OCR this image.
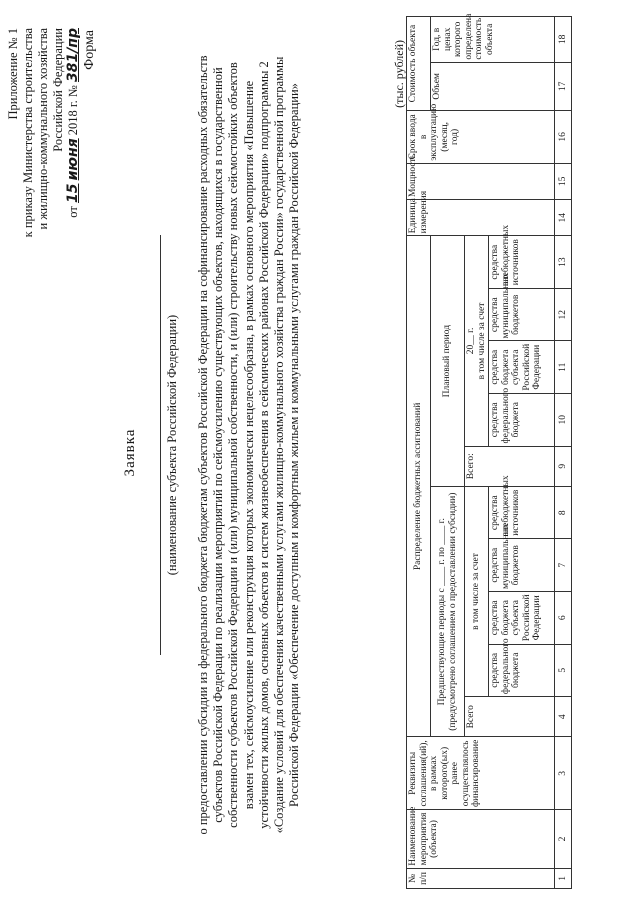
Приложение № 1 к приказу Министерства строительства и жилищно-коммунального хозяйства Российской Федерации
от 15 июня 2018 г. № 381/пр Форма
Заявка (наименование субъекта Российской Федерации) о предоставлении субсидии из федерального бюджета бюджетам субъектов Российской Федерации на софинансирование расходных обязательств субъектов Российской Федерации по реализации мероприятий по сейсмоусилению существующих объектов, находящихся в государственной собственности субъектов Российской Федерации и (или) муниципальной собственности, и (или) строительству новых сейсмостойких объектов взамен тех, сейсмоусиление или реконструкция которых экономически нецелесообразна, в рамках основного мероприятия «Повышение устойчивости жилых домов, основных объектов и систем жизнеобеспечения в сейсмических районах Российской Федерации» подпрограммы 2 «Создание условий для обеспечения качественными услугами жилищно-коммунального хозяйства граждан России» государственной программы Российской Федерации «Обеспечение доступным и комфортным жильем и коммунальными услугами граждан Российской Федерации»
(тыс. рублей)
№ п/п	Наименование мероприятия (объекта)	Реквизиты соглашения(ий), в рамках которого(ых) ранее осуществлялось финансирование	Распределение бюджетных ассигнований										Единица измерения	Мощность	Срок ввода в эксплуатацию (месяц, год)	Стоимость объекта	
			Предшествующие периоды с ____ г. по ____ г. (предусмотрено соглашением о предоставлении субсидии)					Плановый период								Объем	Год, в ценах которого определена стоимость объекта
			Всего	в том числе за счет				Всего:	20__ г. в том числе за счет								

				средства федерального бюджета	средства бюджета субъекта Российской Федерации	средства муниципальных бюджетов	средства внебюджетных источников		средства федерального бюджета	средства бюджета субъекта Российской Федерации	средства муниципальных бюджетов	средства внебюджетных источников					
1	2	3	4	5	6	7	8	9	10	11	12	13	14	15	16	17	18
